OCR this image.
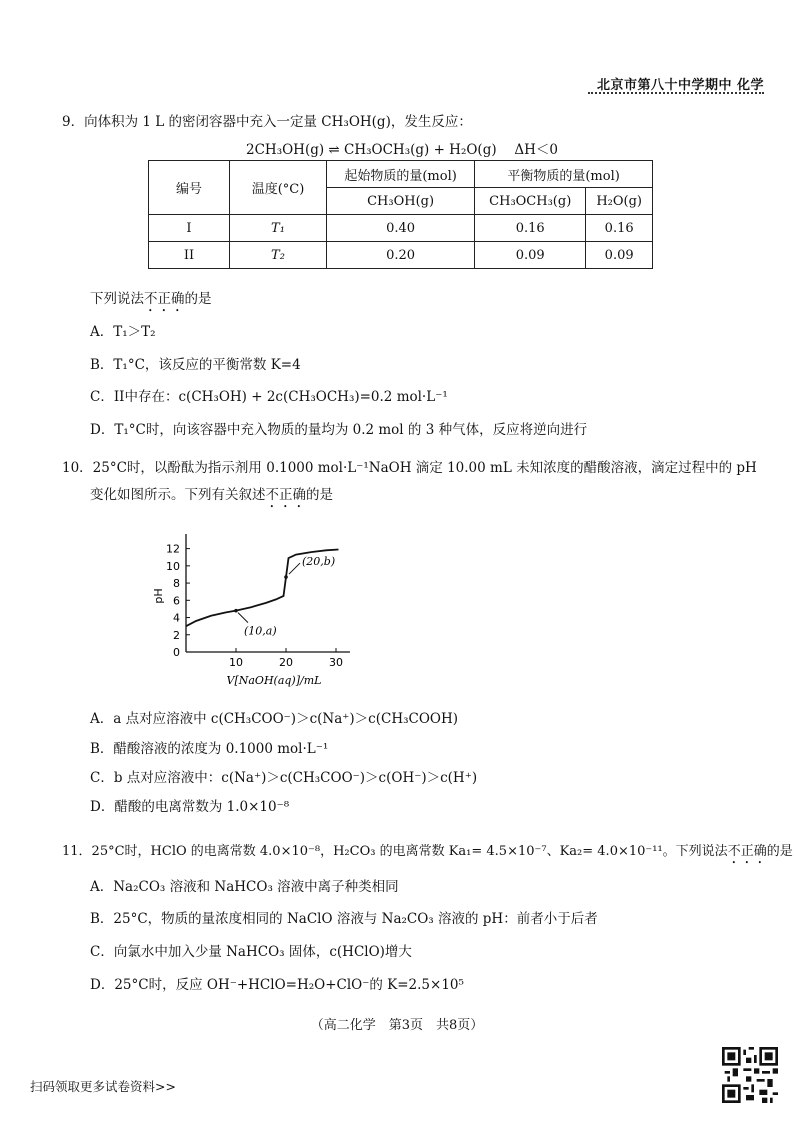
北京市第八十中学期中 化学
9．向体积为 1 L 的密闭容器中充入一定量 CH₃OH(g)，发生反应：
2CH₃OH(g) ⇌ CH₃OCH₃(g) + H₂O(g)　 ΔH＜0
编号	温度(°C)	起始物质的量(mol)	平衡物质的量(mol)	
		CH₃OH(g)	CH₃OCH₃(g)	H₂O(g)
I	T₁	0.40	0.16	0.16
II	T₂	0.20	0.09	0.09
下列说法不正确的是
A．T₁＞T₂
B．T₁°C，该反应的平衡常数 K=4
C．II中存在：c(CH₃OH) + 2c(CH₃OCH₃)=0.2 mol·L⁻¹
D．T₁°C时，向该容器中充入物质的量均为 0.2 mol 的 3 种气体，反应将逆向进行
10．25°C时，以酚酞为指示剂用 0.1000 mol·L⁻¹NaOH 滴定 10.00 mL 未知浓度的醋酸溶液，滴定过程中的 pH
变化如图所示。下列有关叙述不正确的是
0
2
4
6
8
10
12
10	20	30
pH
V[NaOH(aq)]/mL
(10,a)
(20,b)
A．a 点对应溶液中 c(CH₃COO⁻)＞c(Na⁺)＞c(CH₃COOH)
B．醋酸溶液的浓度为 0.1000 mol·L⁻¹
C．b 点对应溶液中：c(Na⁺)＞c(CH₃COO⁻)＞c(OH⁻)＞c(H⁺)
D．醋酸的电离常数为 1.0×10⁻⁸
11．25°C时，HClO 的电离常数 4.0×10⁻⁸，H₂CO₃ 的电离常数 Ka₁= 4.5×10⁻⁷、Ka₂= 4.0×10⁻¹¹。下列说法不正确的是
A．Na₂CO₃ 溶液和 NaHCO₃ 溶液中离子种类相同
B．25°C，物质的量浓度相同的 NaClO 溶液与 Na₂CO₃ 溶液的 pH：前者小于后者
C．向氯水中加入少量 NaHCO₃ 固体，c(HClO)增大
D．25°C时，反应 OH⁻+HClO=H₂O+ClO⁻的 K=2.5×10⁵
（高二化学　第3页　共8页）
扫码领取更多试卷资料>>
